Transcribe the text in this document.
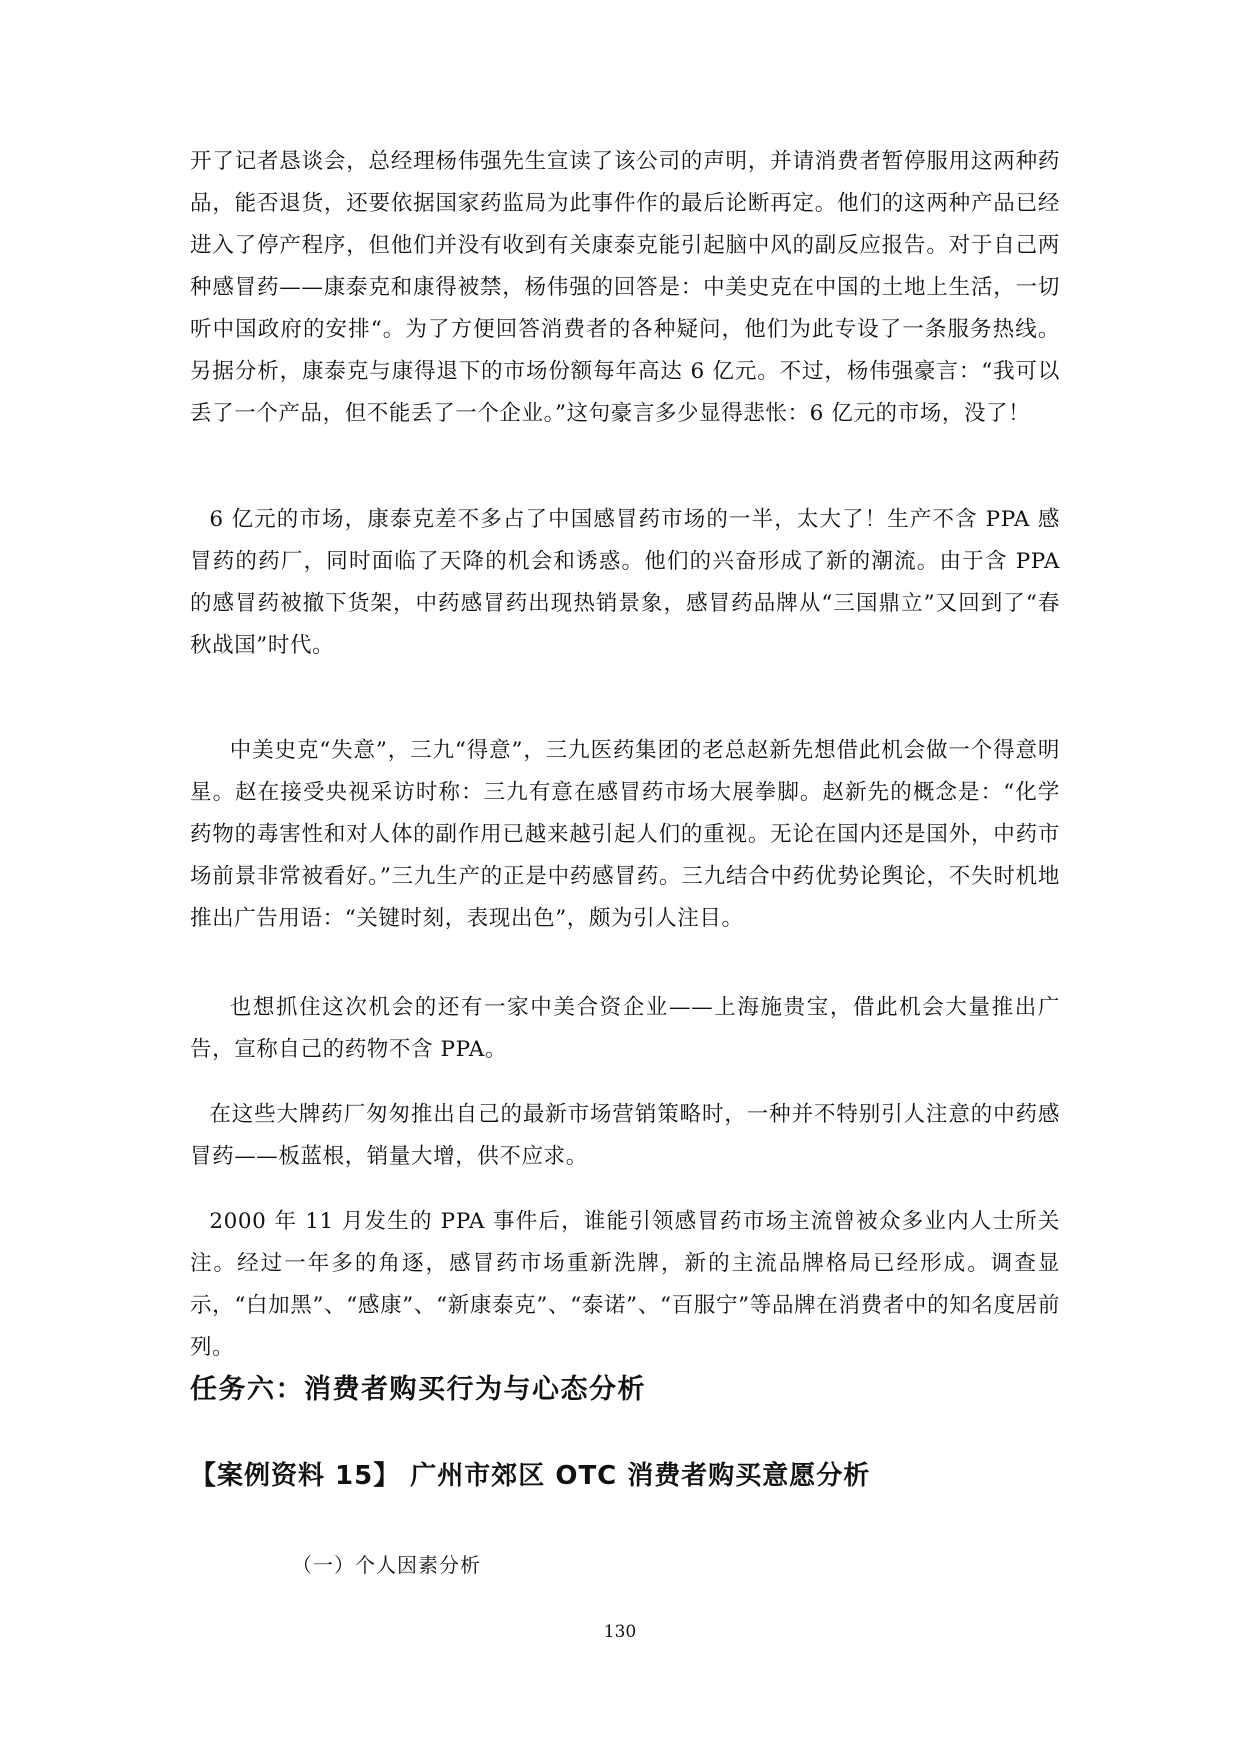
开了记者恳谈会，总经理杨伟强先生宣读了该公司的声明，并请消费者暂停服用这两种药品，能否退货，还要依据国家药监局为此事件作的最后论断再定。他们的这两种产品已经进入了停产程序，但他们并没有收到有关康泰克能引起脑中风的副反应报告。对于自己两种感冒药——康泰克和康得被禁，杨伟强的回答是：中美史克在中国的土地上生活，一切听中国政府的安排“。为了方便回答消费者的各种疑问，他们为此专设了一条服务热线。另据分析，康泰克与康得退下的市场份额每年高达 6 亿元。不过，杨伟强豪言：“我可以丢了一个产品，但不能丢了一个企业。”这句豪言多少显得悲怅：6 亿元的市场，没了！

6 亿元的市场，康泰克差不多占了中国感冒药市场的一半，太大了！生产不含 PPA 感冒药的药厂，同时面临了天降的机会和诱惑。他们的兴奋形成了新的潮流。由于含 PPA 的感冒药被撤下货架，中药感冒药出现热销景象，感冒药品牌从“三国鼎立”又回到了“春秋战国”时代。

中美史克“失意”，三九“得意”，三九医药集团的老总赵新先想借此机会做一个得意明星。赵在接受央视采访时称：三九有意在感冒药市场大展拳脚。赵新先的概念是：“化学药物的毒害性和对人体的副作用已越来越引起人们的重视。无论在国内还是国外，中药市场前景非常被看好。”三九生产的正是中药感冒药。三九结合中药优势论舆论，不失时机地推出广告用语：“关键时刻，表现出色”，颇为引人注目。

也想抓住这次机会的还有一家中美合资企业——上海施贵宝，借此机会大量推出广告，宣称自己的药物不含 PPA。

在这些大牌药厂匆匆推出自己的最新市场营销策略时，一种并不特别引人注意的中药感冒药——板蓝根，销量大增，供不应求。

2000 年 11 月发生的 PPA 事件后，谁能引领感冒药市场主流曾被众多业内人士所关注。经过一年多的角逐，感冒药市场重新洗牌，新的主流品牌格局已经形成。调查显示，“白加黑”、“感康”、“新康泰克”、“泰诺”、“百服宁”等品牌在消费者中的知名度居前列。

任务六：消费者购买行为与心态分析
【案例资料 15】 广州市郊区 OTC 消费者购买意愿分析

（一）个人因素分析

130
